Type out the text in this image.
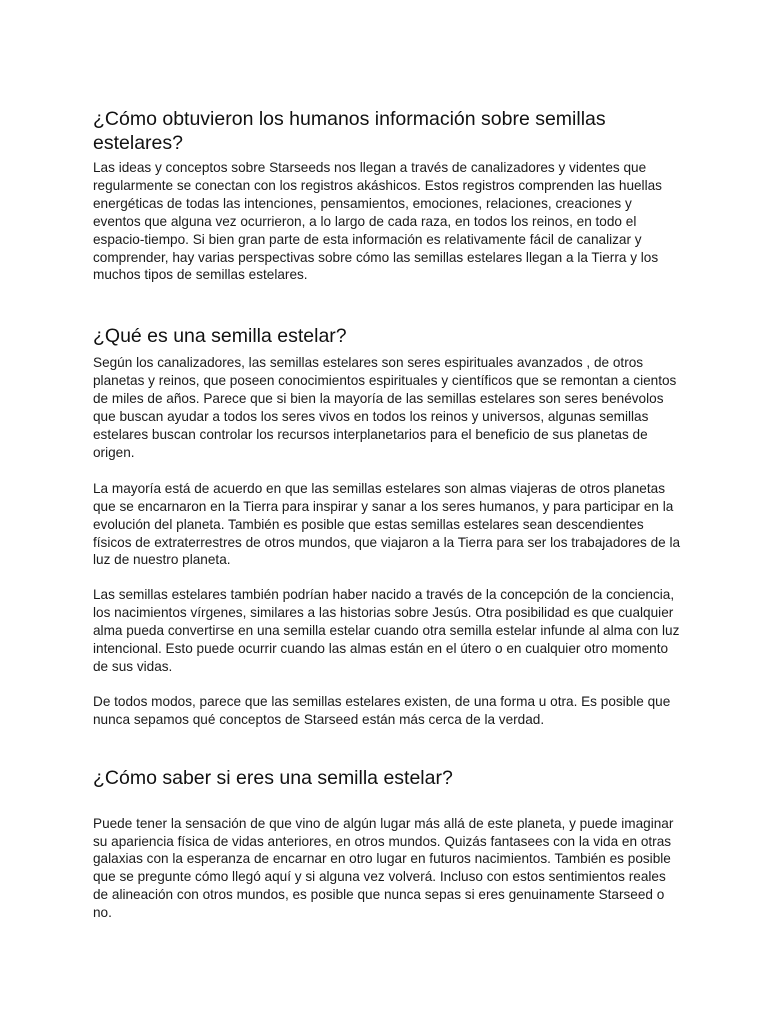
¿Cómo obtuvieron los humanos información sobre semillas estelares?

Las ideas y conceptos sobre Starseeds nos llegan a través de canalizadores y videntes que regularmente se conectan con los registros akáshicos. Estos registros comprenden las huellas energéticas de todas las intenciones, pensamientos, emociones, relaciones, creaciones y eventos que alguna vez ocurrieron, a lo largo de cada raza, en todos los reinos, en todo el espacio-tiempo. Si bien gran parte de esta información es relativamente fácil de canalizar y comprender, hay varias perspectivas sobre cómo las semillas estelares llegan a la Tierra y los muchos tipos de semillas estelares.

¿Qué es una semilla estelar?

Según los canalizadores, las semillas estelares son seres espirituales avanzados , de otros planetas y reinos, que poseen conocimientos espirituales y científicos que se remontan a cientos de miles de años. Parece que si bien la mayoría de las semillas estelares son seres benévolos que buscan ayudar a todos los seres vivos en todos los reinos y universos, algunas semillas estelares buscan controlar los recursos interplanetarios para el beneficio de sus planetas de origen.

La mayoría está de acuerdo en que las semillas estelares son almas viajeras de otros planetas que se encarnaron en la Tierra para inspirar y sanar a los seres humanos, y para participar en la evolución del planeta. También es posible que estas semillas estelares sean descendientes físicos de extraterrestres de otros mundos, que viajaron a la Tierra para ser los trabajadores de la luz de nuestro planeta.

Las semillas estelares también podrían haber nacido a través de la concepción de la conciencia, los nacimientos vírgenes, similares a las historias sobre Jesús. Otra posibilidad es que cualquier alma pueda convertirse en una semilla estelar cuando otra semilla estelar infunde al alma con luz intencional. Esto puede ocurrir cuando las almas están en el útero o en cualquier otro momento de sus vidas.

De todos modos, parece que las semillas estelares existen, de una forma u otra. Es posible que nunca sepamos qué conceptos de Starseed están más cerca de la verdad.

¿Cómo saber si eres una semilla estelar?

Puede tener la sensación de que vino de algún lugar más allá de este planeta, y puede imaginar su apariencia física de vidas anteriores, en otros mundos. Quizás fantasees con la vida en otras galaxias con la esperanza de encarnar en otro lugar en futuros nacimientos. También es posible que se pregunte cómo llegó aquí y si alguna vez volverá. Incluso con estos sentimientos reales de alineación con otros mundos, es posible que nunca sepas si eres genuinamente Starseed o no.
